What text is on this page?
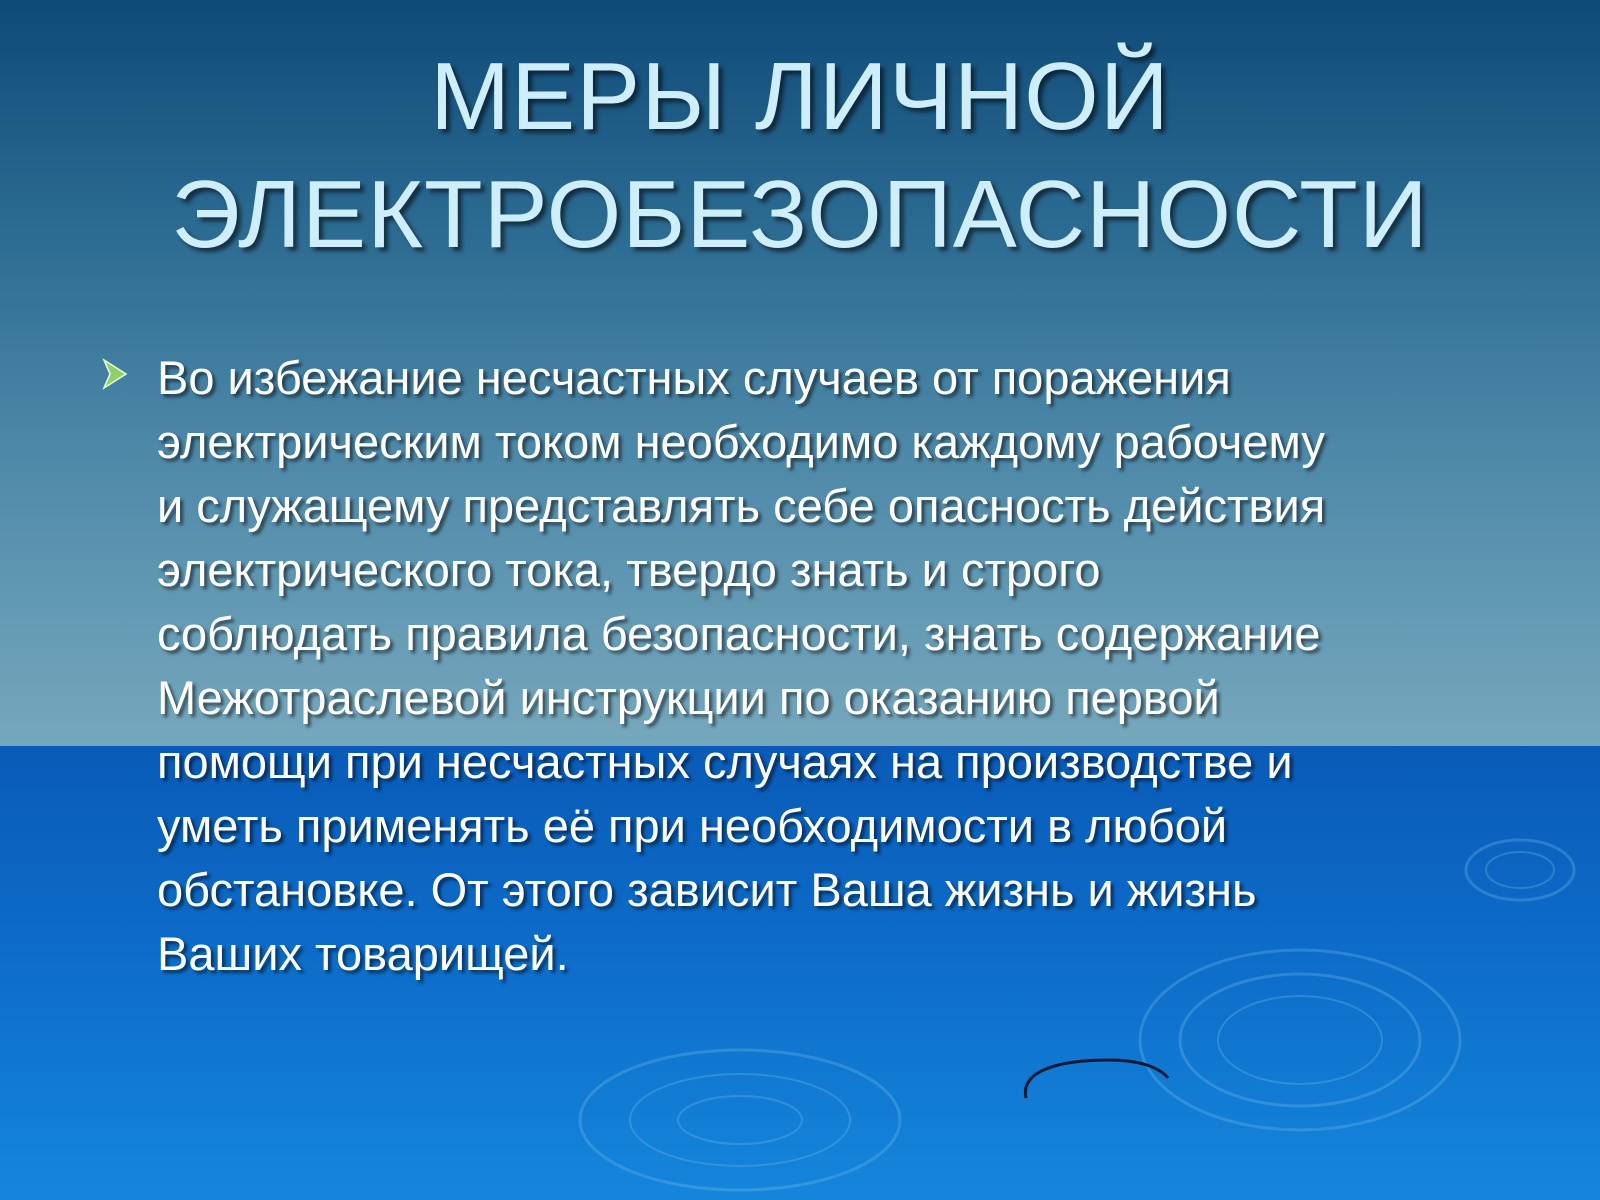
МЕРЫ ЛИЧНОЙ
ЭЛЕКТРОБЕЗОПАСНОСТИ

Во избежание несчастных случаев от поражения
электрическим током необходимо каждому рабочему
и служащему представлять себе опасность действия
электрического тока, твердо знать и строго
соблюдать правила безопасности, знать содержание
Межотраслевой инструкции по оказанию первой
помощи при несчастных случаях на производстве и
уметь применять её при необходимости в любой
обстановке. От этого зависит Ваша жизнь и жизнь
Ваших товарищей.
